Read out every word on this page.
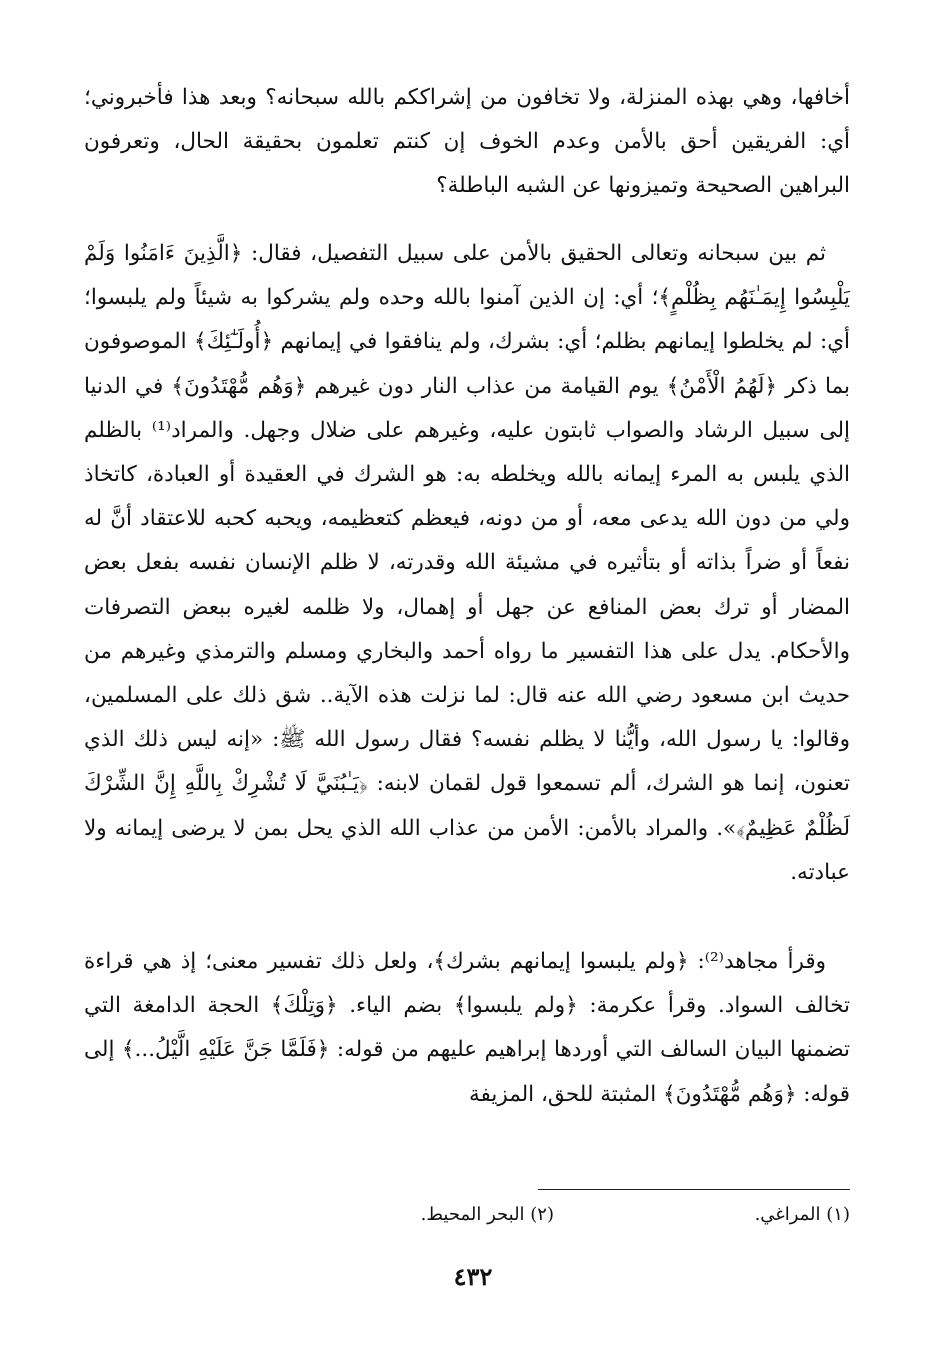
أخافها، وهي بهذه المنزلة، ولا تخافون من إشراككم بالله سبحانه؟ وبعد هذا فأخبروني؛ أي: الفريقين أحق بالأمن وعدم الخوف إن كنتم تعلمون بحقيقة الحال، وتعرفون البراهين الصحيحة وتميزونها عن الشبه الباطلة؟

ثم بين سبحانه وتعالى الحقيق بالأمن على سبيل التفصيل، فقال: ﴿الَّذِينَ ءَامَنُوا وَلَمْ يَلْبِسُوا إِيمَـٰنَهُم بِظُلْمٍ﴾؛ أي: إن الذين آمنوا بالله وحده ولم يشركوا به شيئاً ولم يلبسوا؛ أي: لم يخلطوا إيمانهم بظلم؛ أي: بشرك، ولم ينافقوا في إيمانهم ﴿أُولَـٰٓئِكَ﴾ الموصوفون بما ذكر ﴿لَهُمُ الْأَمْنُ﴾ يوم القيامة من عذاب النار دون غيرهم ﴿وَهُم مُّهْتَدُونَ﴾ في الدنيا إلى سبيل الرشاد والصواب ثابتون عليه، وغيرهم على ضلال وجهل. والمراد⁽¹⁾ بالظلم الذي يلبس به المرء إيمانه بالله ويخلطه به: هو الشرك في العقيدة أو العبادة، كاتخاذ ولي من دون الله يدعى معه، أو من دونه، فيعظم كتعظيمه، ويحبه كحبه للاعتقاد أنَّ له نفعاً أو ضراً بذاته أو بتأثيره في مشيئة الله وقدرته، لا ظلم الإنسان نفسه بفعل بعض المضار أو ترك بعض المنافع عن جهل أو إهمال، ولا ظلمه لغيره ببعض التصرفات والأحكام. يدل على هذا التفسير ما رواه أحمد والبخاري ومسلم والترمذي وغيرهم من حديث ابن مسعود رضي الله عنه قال: لما نزلت هذه الآية.. شق ذلك على المسلمين، وقالوا: يا رسول الله، وأيُّنا لا يظلم نفسه؟ فقال رسول الله ﷺ: «إنه ليس ذلك الذي تعنون، إنما هو الشرك، ألم تسمعوا قول لقمان لابنه: ﴿يَـٰبُنَيَّ لَا تُشْرِكْ بِاللَّهِ إِنَّ الشِّرْكَ لَظُلْمٌ عَظِيمٌ﴾». والمراد بالأمن: الأمن من عذاب الله الذي يحل بمن لا يرضى إيمانه ولا عبادته.

وقرأ مجاهد⁽²⁾: ﴿ولم يلبسوا إيمانهم بشرك﴾، ولعل ذلك تفسير معنى؛ إذ هي قراءة تخالف السواد. وقرأ عكرمة: ﴿ولم يلبسوا﴾ بضم الياء. ﴿وَتِلْكَ﴾ الحجة الدامغة التي تضمنها البيان السالف التي أوردها إبراهيم عليهم من قوله: ﴿فَلَمَّا جَنَّ عَلَيْهِ الَّيْلُ...﴾ إلى قوله: ﴿وَهُم مُّهْتَدُونَ﴾ المثبتة للحق، المزيفة

(١) المراغي.
(٢) البحر المحيط.
٤٣٢
